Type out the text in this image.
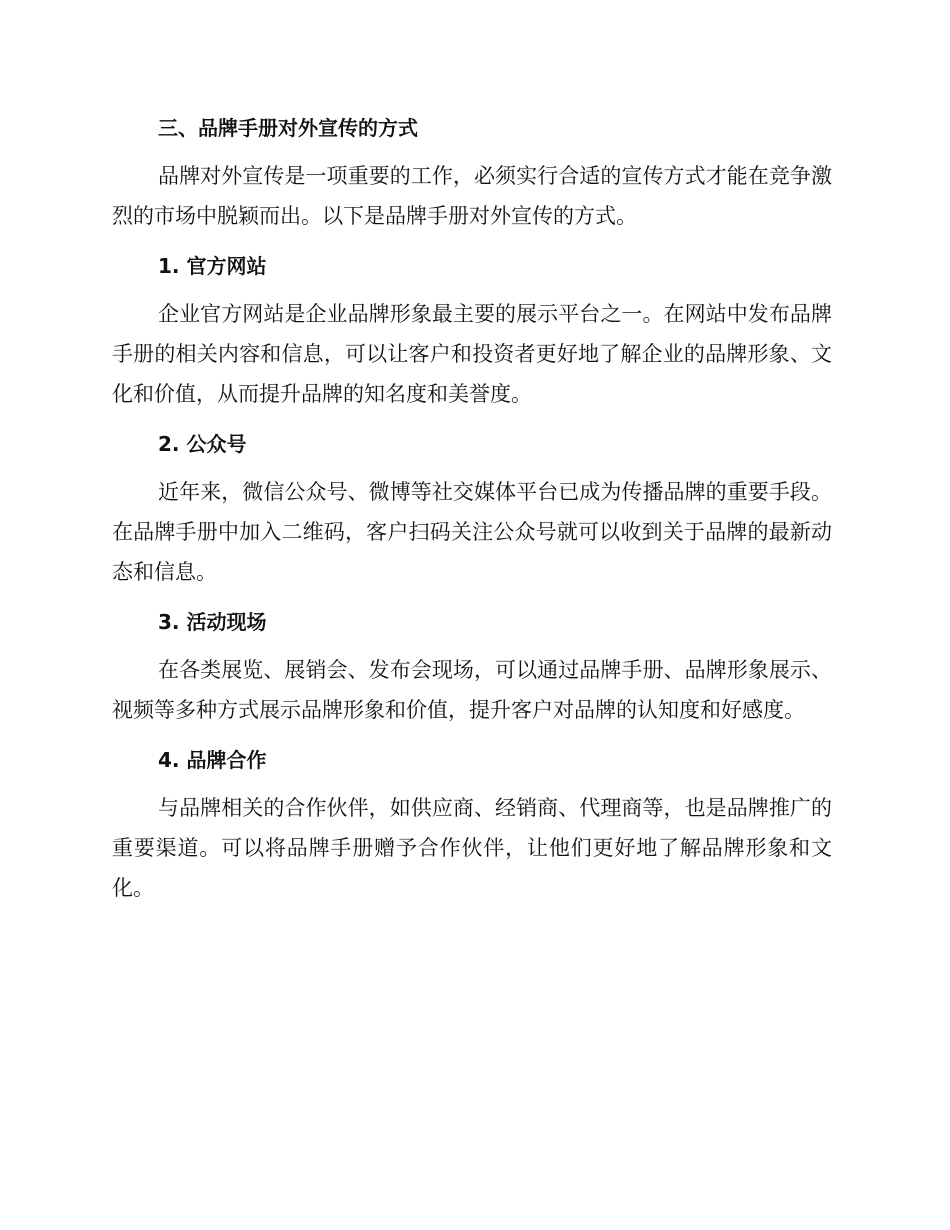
三、品牌手册对外宣传的方式
品牌对外宣传是一项重要的工作，必须实行合适的宣传方式才能在竞争激烈的市场中脱颖而出。以下是品牌手册对外宣传的方式。
1. 官方网站
企业官方网站是企业品牌形象最主要的展示平台之一。在网站中发布品牌手册的相关内容和信息，可以让客户和投资者更好地了解企业的品牌形象、文化和价值，从而提升品牌的知名度和美誉度。
2. 公众号
近年来，微信公众号、微博等社交媒体平台已成为传播品牌的重要手段。在品牌手册中加入二维码，客户扫码关注公众号就可以收到关于品牌的最新动态和信息。
3. 活动现场
在各类展览、展销会、发布会现场，可以通过品牌手册、品牌形象展示、视频等多种方式展示品牌形象和价值，提升客户对品牌的认知度和好感度。
4. 品牌合作
与品牌相关的合作伙伴，如供应商、经销商、代理商等，也是品牌推广的重要渠道。可以将品牌手册赠予合作伙伴，让他们更好地了解品牌形象和文化。
